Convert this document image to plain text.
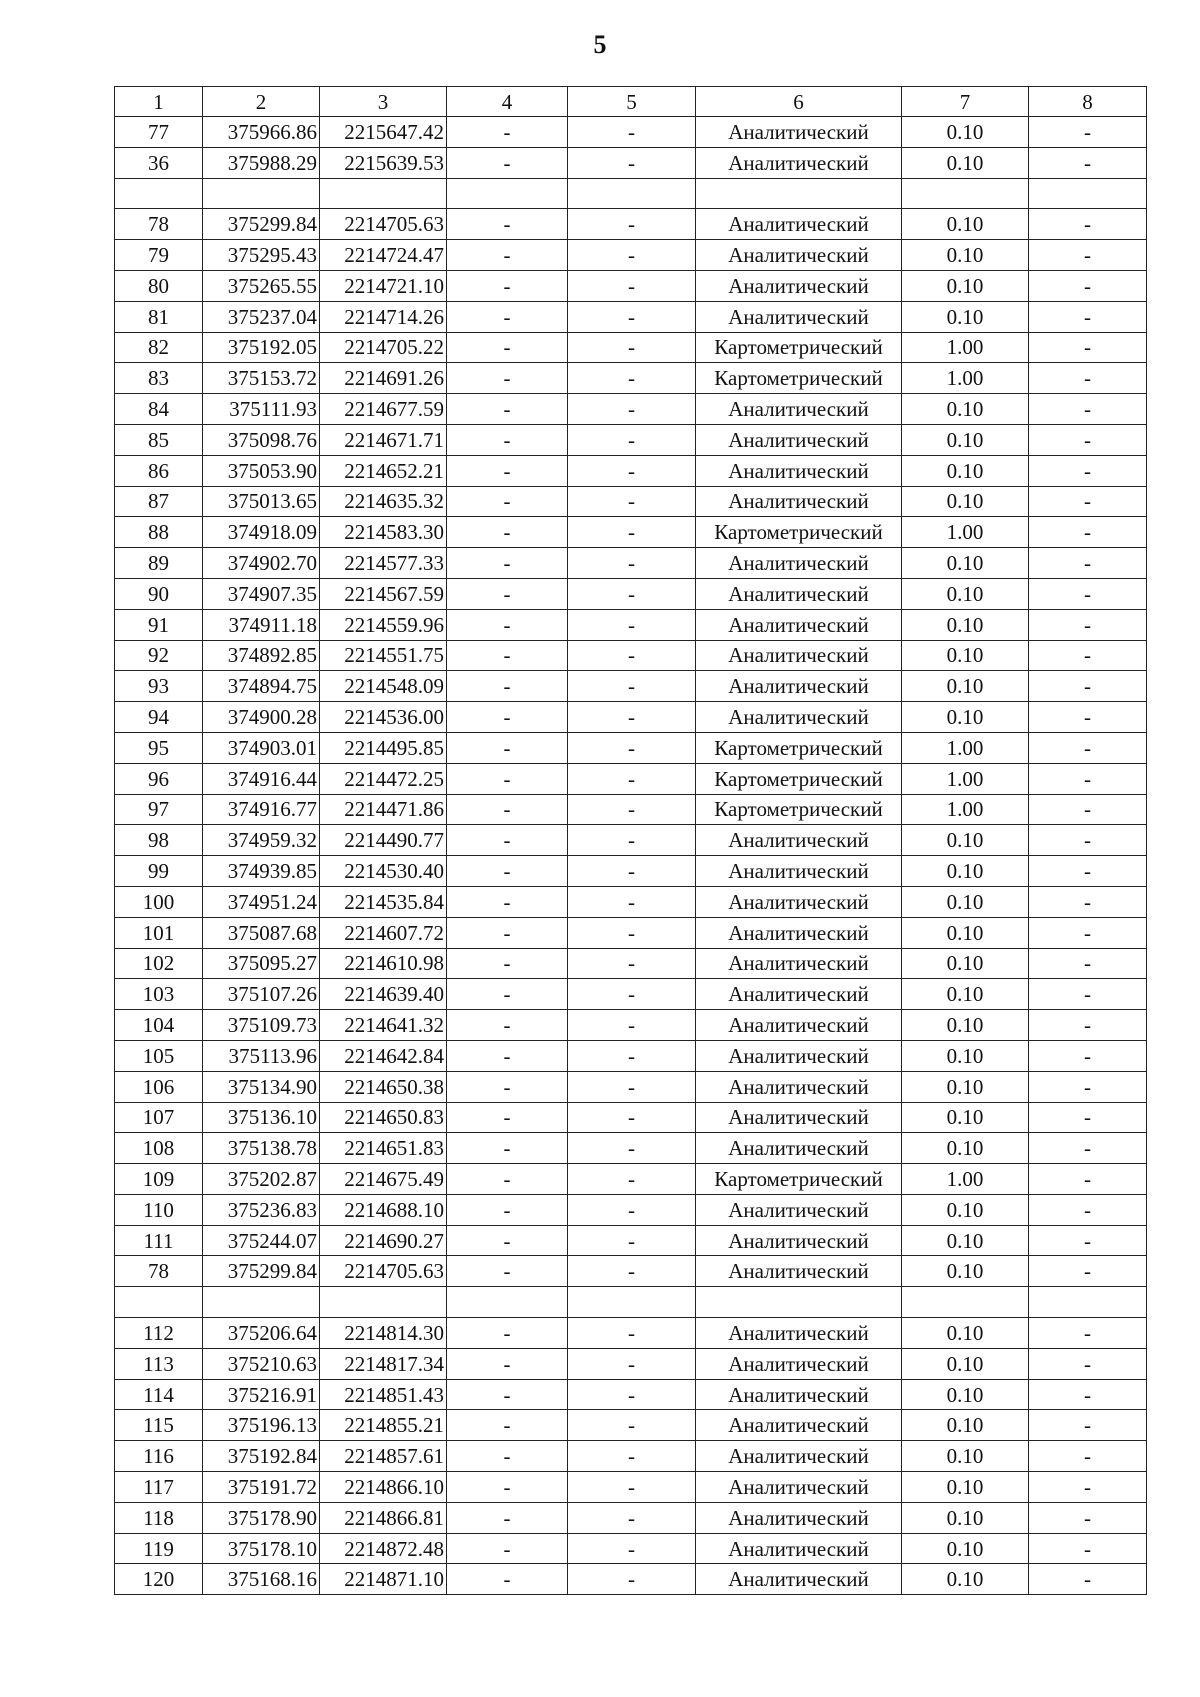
5
1	2	3	4	5	6	7	8
77	375966.86	2215647.42	-	-	Аналитический	0.10	-
36	375988.29	2215639.53	-	-	Аналитический	0.10	-

78	375299.84	2214705.63	-	-	Аналитический	0.10	-
79	375295.43	2214724.47	-	-	Аналитический	0.10	-
80	375265.55	2214721.10	-	-	Аналитический	0.10	-
81	375237.04	2214714.26	-	-	Аналитический	0.10	-
82	375192.05	2214705.22	-	-	Картометрический	1.00	-
83	375153.72	2214691.26	-	-	Картометрический	1.00	-
84	375111.93	2214677.59	-	-	Аналитический	0.10	-
85	375098.76	2214671.71	-	-	Аналитический	0.10	-
86	375053.90	2214652.21	-	-	Аналитический	0.10	-
87	375013.65	2214635.32	-	-	Аналитический	0.10	-
88	374918.09	2214583.30	-	-	Картометрический	1.00	-
89	374902.70	2214577.33	-	-	Аналитический	0.10	-
90	374907.35	2214567.59	-	-	Аналитический	0.10	-
91	374911.18	2214559.96	-	-	Аналитический	0.10	-
92	374892.85	2214551.75	-	-	Аналитический	0.10	-
93	374894.75	2214548.09	-	-	Аналитический	0.10	-
94	374900.28	2214536.00	-	-	Аналитический	0.10	-
95	374903.01	2214495.85	-	-	Картометрический	1.00	-
96	374916.44	2214472.25	-	-	Картометрический	1.00	-
97	374916.77	2214471.86	-	-	Картометрический	1.00	-
98	374959.32	2214490.77	-	-	Аналитический	0.10	-
99	374939.85	2214530.40	-	-	Аналитический	0.10	-
100	374951.24	2214535.84	-	-	Аналитический	0.10	-
101	375087.68	2214607.72	-	-	Аналитический	0.10	-
102	375095.27	2214610.98	-	-	Аналитический	0.10	-
103	375107.26	2214639.40	-	-	Аналитический	0.10	-
104	375109.73	2214641.32	-	-	Аналитический	0.10	-
105	375113.96	2214642.84	-	-	Аналитический	0.10	-
106	375134.90	2214650.38	-	-	Аналитический	0.10	-
107	375136.10	2214650.83	-	-	Аналитический	0.10	-
108	375138.78	2214651.83	-	-	Аналитический	0.10	-
109	375202.87	2214675.49	-	-	Картометрический	1.00	-
110	375236.83	2214688.10	-	-	Аналитический	0.10	-
111	375244.07	2214690.27	-	-	Аналитический	0.10	-
78	375299.84	2214705.63	-	-	Аналитический	0.10	-

112	375206.64	2214814.30	-	-	Аналитический	0.10	-
113	375210.63	2214817.34	-	-	Аналитический	0.10	-
114	375216.91	2214851.43	-	-	Аналитический	0.10	-
115	375196.13	2214855.21	-	-	Аналитический	0.10	-
116	375192.84	2214857.61	-	-	Аналитический	0.10	-
117	375191.72	2214866.10	-	-	Аналитический	0.10	-
118	375178.90	2214866.81	-	-	Аналитический	0.10	-
119	375178.10	2214872.48	-	-	Аналитический	0.10	-
120	375168.16	2214871.10	-	-	Аналитический	0.10	-
